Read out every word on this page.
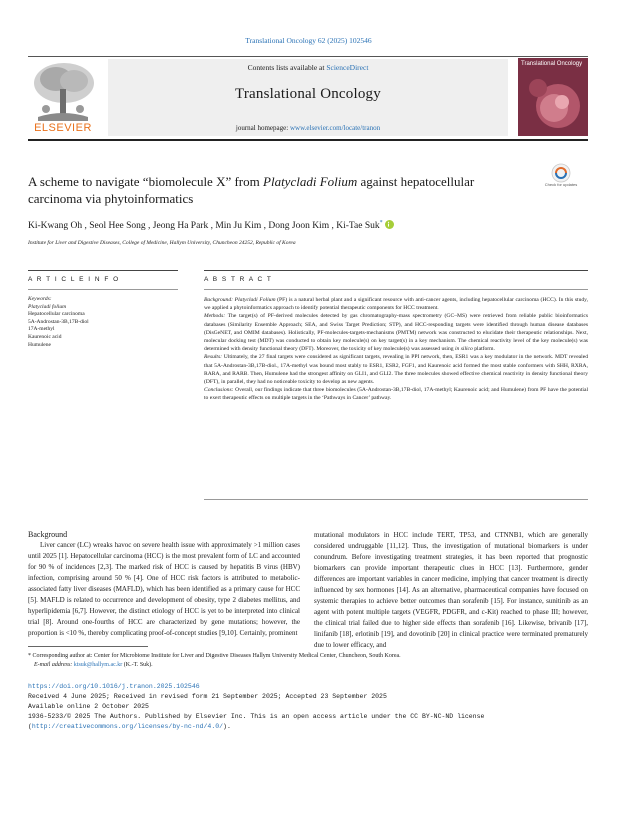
Translational Oncology 62 (2025) 102546
ELSEVIER
Contents lists available at ScienceDirect
Translational Oncology
journal homepage: www.elsevier.com/locate/tranon
Translational Oncology
A scheme to navigate “biomolecule X” from Platycladi Folium against hepatocellular carcinoma via phytoinformatics
Check for updates
Ki-Kwang Oh , Seol Hee Song , Jeong Ha Park , Min Ju Kim , Dong Joon Kim , Ki-Tae Suk*
Institute for Liver and Digestive Diseases, College of Medicine, Hallym University, Chuncheon 24252, Republic of Korea
A R T I C L E I N F O	A B S T R A C T
Keywords:
Platycladi folium
Hepatocellular carcinoma
5A-Androstan-3B,17B-diol
17A-methyl
Kaurenoic acid
Humulene

Background: Platycladi Folium (PF) is a natural herbal plant and a significant resource with anti-cancer agents, including hepatocellular carcinoma (HCC). In this study, we applied a phytoinformatics approach to identify potential therapeutic components for HCC treatment.

Methods: The target(s) of PF-derived molecules detected by gas chromatography-mass spectrometry (GC–MS) were retrieved from reliable public bioinformatics databases (Similarity Ensemble Approach; SEA, and Swiss Target Prediction; STP), and HCC-responding targets were identified through human disease databases (DisGeNET, and OMIM databases). Holistically, PF-molecules-targets-mechanisms (PMTM) network was constructed to elucidate their therapeutic relationships. Next, molecular docking test (MDT) was conducted to obtain key molecule(s) on key target(s) in a key mechanism. The chemical reactivity level of the key molecule(s) was determined with density functional theory (DFT). Moreover, the toxicity of key molecule(s) was assessed using in silico platform.

Results: Ultimately, the 27 final targets were considered as significant targets, revealing in PPI network, then, ESR1 was a key modulator in the network. MDT revealed that 5A-Androstan-3B,17B-diol., 17A-methyl was bound most stably to ESR1, ESR2, FGF1, and Kaurenoic acid formed the most stable conformers with SHH, RXRA, RARA, and RARB. Then, Humulene had the strongest affinity on GLI1, and GLI2. The three molecules showed effective chemical reactivity in density functional theory (DFT), in parallel, they had no noticeable toxicity to develop as new agents.

Conclusions: Overall, our findings indicate that three biomolecules (5A-Androstan-3B,17B-diol, 17A-methyl; Kaurenoic acid; and Humulene) from PF have the potential to exert therapeutic effects on multiple targets in the ‘Pathways in Cancer’ pathway.

Background

Liver cancer (LC) wreaks havoc on severe health issue with approximately >1 million cases until 2025 [1]. Hepatocellular carcinoma (HCC) is the most prevalent form of LC and accounted for 90 % of incidences [2,3]. The marked risk of HCC is caused by hepatitis B virus (HBV) infection, comprising around 50 % [4]. One of HCC risk factors is attributed to metabolic-associated fatty liver diseases (MAFLD), which has been identified as a primary cause for HCC [5]. MAFLD is related to occurrence and development of obesity, type 2 diabetes mellitus, and hyperlipidemia [6,7]. However, the distinct etiology of HCC is yet to be interpreted into clinical trial [8]. Around one-fourths of HCC are characterized by gene mutations; however, the proportion is <10 %, thereby complicating proof-of-concept studies [9,10]. Certainly, prominent

mutational modulators in HCC include TERT, TP53, and CTNNB1, which are generally considered undruggable [11,12]. Thus, the investigation of mutational biomarkers is under conundrum. Before investigating treatment strategies, it has been reported that prognostic biomarkers can provide important therapeutic clues in HCC [13]. Furthermore, gender differences are important variables in cancer medicine, implying that cancer treatment is directly influenced by sex hormones [14]. As an alternative, pharmaceutical companies have focused on systemic therapies to achieve better outcomes than sorafenib [15]. For instance, sunitinib as an agent with potent multiple targets (VEGFR, PDGFR, and c-Kit) reached to phase III; however, the clinical trial failed due to higher side effects than sorafenib [16]. Likewise, brivanib [17], linifanib [18], erlotinib [19], and dovotinib [20] in clinical practice were terminated prematurely due to lower efficacy, and

* Corresponding author at: Center for Microbiome Institute for Liver and Digestive Diseases Hallym University Medical Center, Chuncheon, South Korea.
E-mail address: ktsuk@hallym.ac.kr (K.-T. Suk).
https://doi.org/10.1016/j.tranon.2025.102546
Received 4 June 2025; Received in revised form 21 September 2025; Accepted 23 September 2025
Available online 2 October 2025
1936-5233/© 2025 The Authors. Published by Elsevier Inc. This is an open access article under the CC BY-NC-ND license (http://creativecommons.org/licenses/by-nc-nd/4.0/).
